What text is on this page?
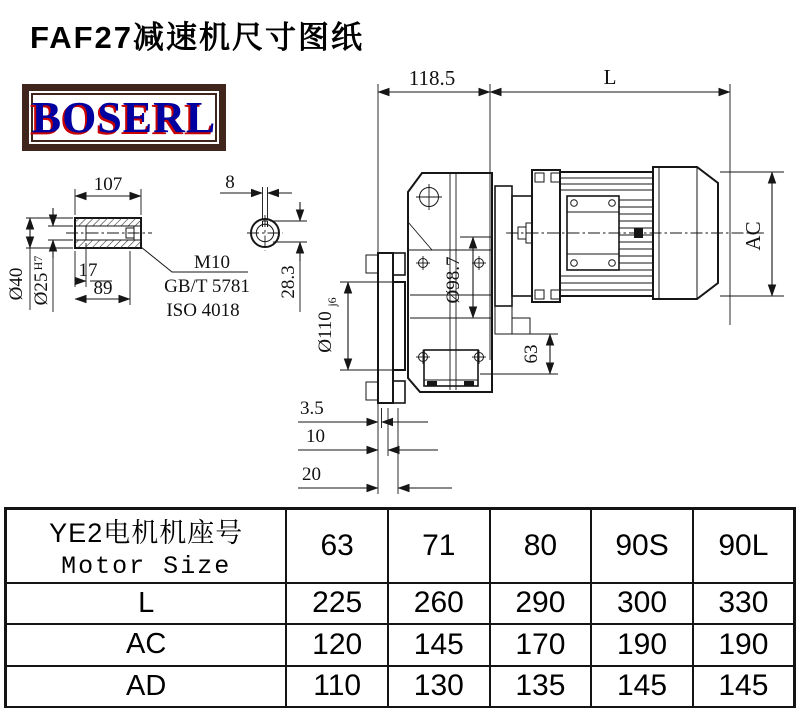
FAF27减速机尺寸图纸
BOSERL
107
17
89
Ø40 Ø25
H7	M10
GB/T 5781
ISO 4018
8
28.3
118.5	L
Ø98.7
Ø110
j6
63
AC
3.5
10
20
YE2电机机座号
Motor Size	63	71	80	90S	90L
L	225	260	290	300	330
AC	120	145	170	190	190
AD	110	130	135	145	145
